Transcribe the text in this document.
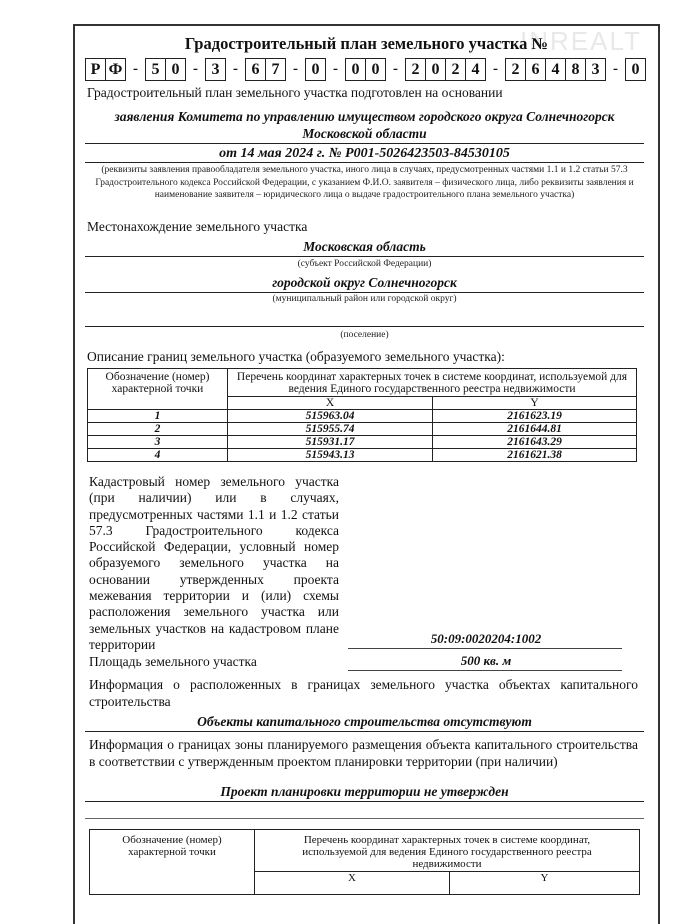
INREALT
Градостроительный план земельного участка №
Р Ф - 5 0 - 3 - 6 7 - 0 - 0 0 - 2 0 2 4 - 2 6 4 8 3 - 0
Градостроительный план земельного участка подготовлен на основании
заявления Комитета по управлению имуществом городского округа Солнечногорск
Московской области
от 14 мая 2024 г. № Р001-5026423503-84530105
(реквизиты заявления правообладателя земельного участка, иного лица в случаях, предусмотренных частями 1.1 и 1.2 статьи 57.3 Градостроительного кодекса Российской Федерации, с указанием Ф.И.О. заявителя – физического лица, либо реквизиты заявления и наименование заявителя – юридического лица о выдаче градостроительного плана земельного участка)
Местонахождение земельного участка
Московская область
(субъект Российской Федерации)
городской округ Солнечногорск
(муниципальный район или городской округ)
(поселение)
Описание границ земельного участка (образуемого земельного участка):
Обозначение (номер) характерной точки	Перечень координат характерных точек в системе координат, используемой для ведения Единого государственного реестра недвижимости	
	X	Y
1	515963.04	2161623.19
2	515955.74	2161644.81
3	515931.17	2161643.29
4	515943.13	2161621.38
Кадастровый номер земельного участка (при наличии) или в случаях, предусмотренных частями 1.1 и 1.2 статьи 57.3 Градостроительного кодекса Российской Федерации, условный номер образуемого земельного участка на основании утвержденных проекта межевания территории и (или) схемы расположения земельного участка или земельных участков на кадастровом плане территории	50:09:0020204:1002
Площадь земельного участка	500 кв. м
Информация о расположенных в границах земельного участка объектах капитального строительства
Объекты капитального строительства отсутствуют
Информация о границах зоны планируемого размещения объекта капитального строительства в соответствии с утвержденным проектом планировки территории (при наличии)
Проект планировки территории не утвержден
Обозначение (номер) характерной точки	Перечень координат характерных точек в системе координат, используемой для ведения Единого государственного реестра недвижимости	
	X	Y
